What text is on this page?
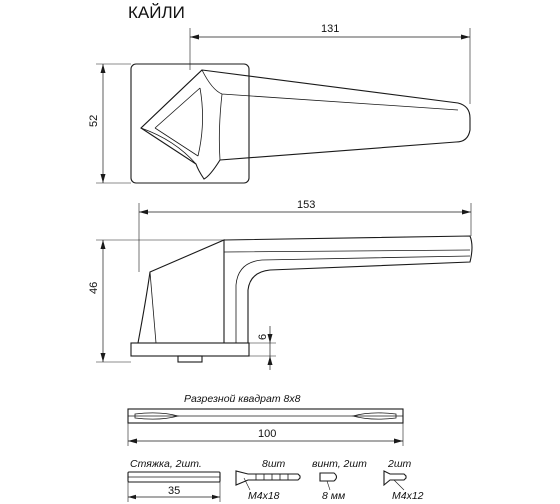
КАЙЛИ
131
52
153
46
6
Разрезной квадрат 8х8
100
Стяжка, 2шт.
35
8шт
М4х18
винт, 2шт
8 мм
2шт
М4х12
